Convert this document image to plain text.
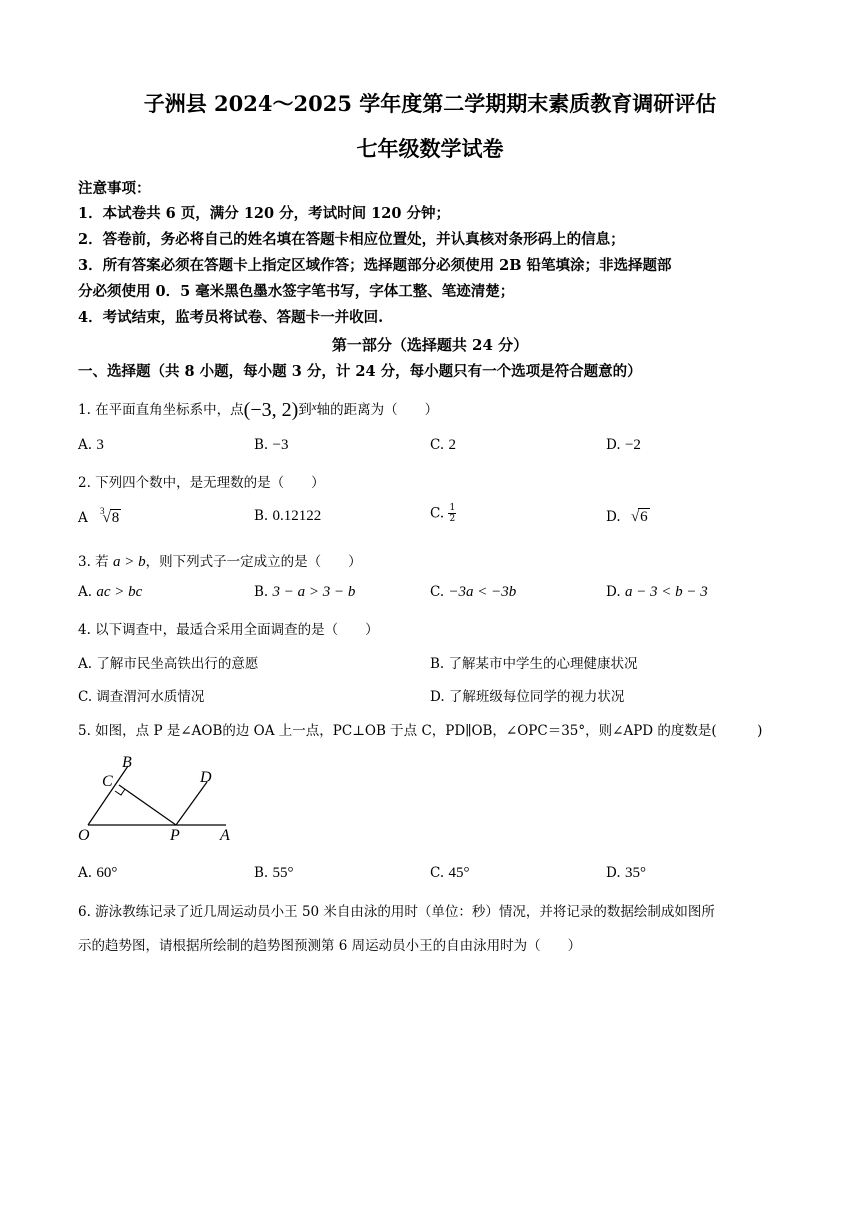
子洲县 2024～2025 学年度第二学期期末素质教育调研评估
七年级数学试卷
注意事项：
1．本试卷共 6 页，满分 120 分，考试时间 120 分钟；
2．答卷前，务必将自己的姓名填在答题卡相应位置处，并认真核对条形码上的信息；
3．所有答案必须在答题卡上指定区域作答；选择题部分必须使用 2B 铅笔填涂；非选择题部
分必须使用 0．5 毫米黑色墨水签字笔书写，字体工整、笔迹清楚；
4．考试结束，监考员将试卷、答题卡一并收回.
第一部分（选择题共 24 分）
一、选择题（共 8 小题，每小题 3 分，计 24 分，每小题只有一个选项是符合题意的）
1. 在平面直角坐标系中，点(−3, 2)到$^x$轴的距离为（　　）
A. 3	B. −3	C. 2	D. −2
2. 下列四个数中，是无理数的是（　　）
A $^3$√8	B. 0.12122	C. $\frac{1}{2}$	D. √6
3. 若 a > b，则下列式子一定成立的是（　　）
A. ac > bc	B. 3 − a > 3 − b	C. −3a < −3b	D. a − 3 < b − 3
4. 以下调查中，最适合采用全面调查的是（　　）
A. 了解市民坐高铁出行的意愿	B. 了解某市中学生的心理健康状况
C. 调查渭河水质情况	D. 了解班级每位同学的视力状况
5. 如图，点 P 是∠AOB的边 OA 上一点，PC⊥OB 于点 C，PD∥OB，∠OPC＝35°，则∠APD 的度数是(　　　)
B
C	D
O	P	A
A. 60°	B. 55°	C. 45°	D. 35°
6. 游泳教练记录了近几周运动员小王 50 米自由泳的用时（单位：秒）情况，并将记录的数据绘制成如图所
示的趋势图，请根据所绘制的趋势图预测第 6 周运动员小王的自由泳用时为（　　）
